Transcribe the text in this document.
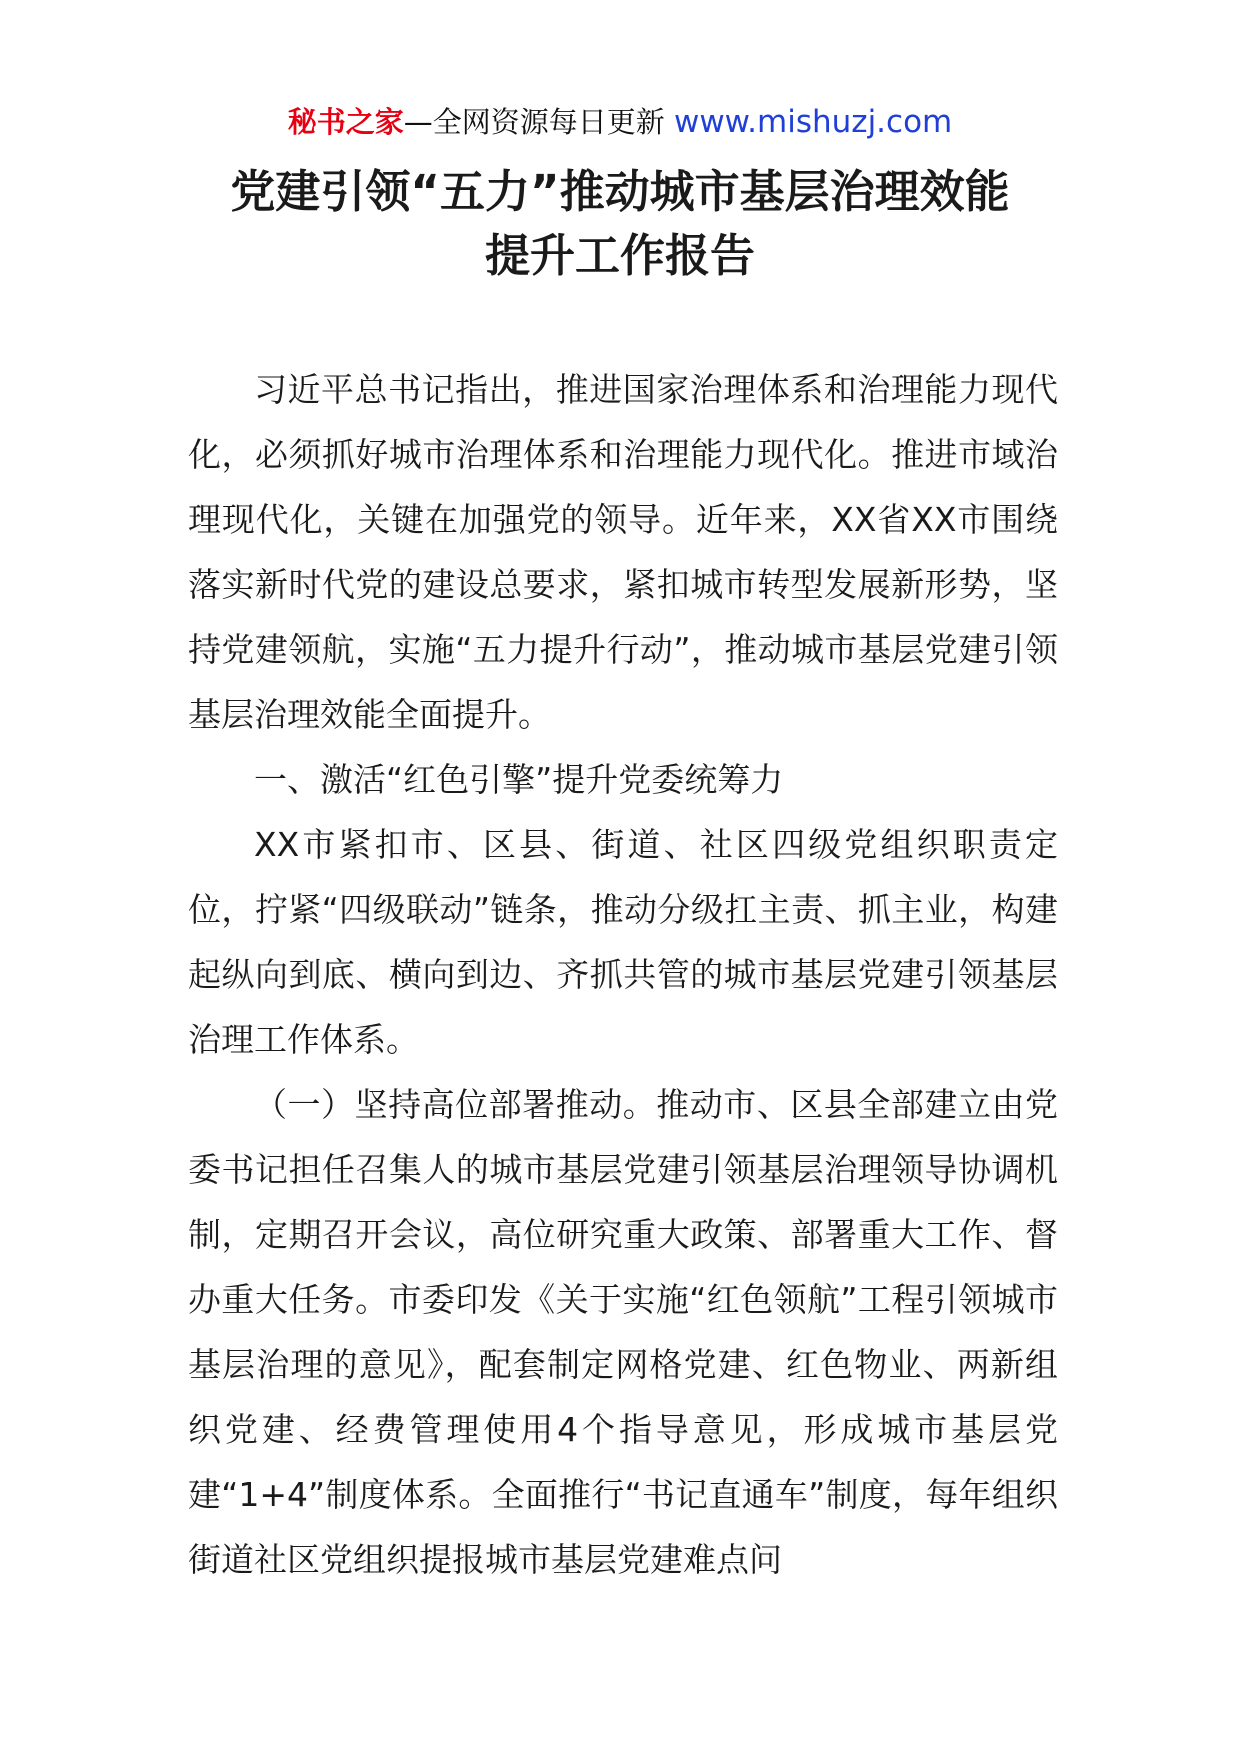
秘书之家—全网资源每日更新 www.mishuzj.com
党建引领“五力”推动城市基层治理效能
提升工作报告

习近平总书记指出，推进国家治理体系和治理能力现代化，必须抓好城市治理体系和治理能力现代化。推进市域治理现代化，关键在加强党的领导。近年来，XX省XX市围绕落实新时代党的建设总要求，紧扣城市转型发展新形势，坚持党建领航，实施“五力提升行动”，推动城市基层党建引领基层治理效能全面提升。

一、激活“红色引擎”提升党委统筹力

XX市紧扣市、区县、街道、社区四级党组织职责定位，拧紧“四级联动”链条，推动分级扛主责、抓主业，构建起纵向到底、横向到边、齐抓共管的城市基层党建引领基层治理工作体系。

（一）坚持高位部署推动。推动市、区县全部建立由党委书记担任召集人的城市基层党建引领基层治理领导协调机制，定期召开会议，高位研究重大政策、部署重大工作、督办重大任务。市委印发《关于实施“红色领航”工程引领城市基层治理的意见》，配套制定网格党建、红色物业、两新组织党建、经费管理使用4个指导意见，形成城市基层党建“1+4”制度体系。全面推行“书记直通车”制度，每年组织街道社区党组织提报城市基层党建难点问
